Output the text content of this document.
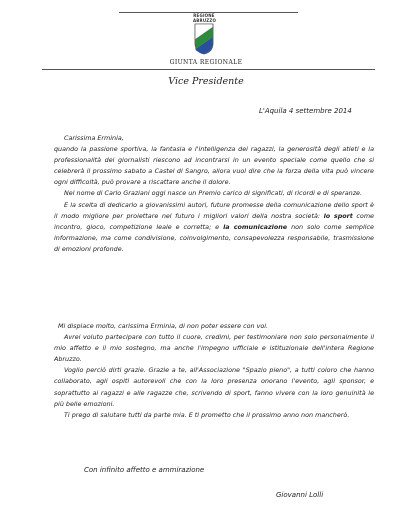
REGIONE ABRUZZO
GIUNTA REGIONALE
Vice Presidente
L'Aquila 4 settembre 2014

Carissima Erminia,

quando la passione sportiva, la fantasia e l'intelligenza dei ragazzi, la generosità degli atleti e la professionalità dei giornalisti riescono ad incontrarsi in un evento speciale come quello che si celebrerà il prossimo sabato a Castel di Sangro, allora vuol dire che la forza della vita può vincere ogni difficoltà, può provare a riscattare anche il dolore.

Nel nome di Carlo Graziani oggi nasce un Premio carico di significati, di ricordi e di speranze.

E la scelta di dedicarlo a giovanissimi autori, future promesse della comunicazione dello sport è il modo migliore per proiettare nel futuro i migliori valori della nostra società: lo sport come incontro, gioco, competizione leale e corretta; e la comunicazione non solo come semplice informazione, ma come condivisione, coinvolgimento, consapevolezza responsabile, trasmissione di emozioni profonde.

Mi dispiace molto, carissima Erminia, di non poter essere con voi.

Avrei voluto partecipare con tutto il cuore, credimi, per testimoniare non solo personalmente il mio affetto e il mio sostegno, ma anche l'impegno ufficiale e istituzionale dell'intera Regione Abruzzo.

Voglio perciò dirti grazie. Grazie a te, all'Associazione "Spazio pieno", a tutti coloro che hanno collaborato, agli ospiti autorevoli che con la loro presenza onorano l'evento, agli sponsor, e soprattutto ai ragazzi e alle ragazze che, scrivendo di sport, fanno vivere con la loro genuinità le più belle emozioni.

Ti prego di salutare tutti da parte mia. E ti prometto che il prossimo anno non mancherò.

Con infinito affetto e ammirazione
Giovanni Lolli
